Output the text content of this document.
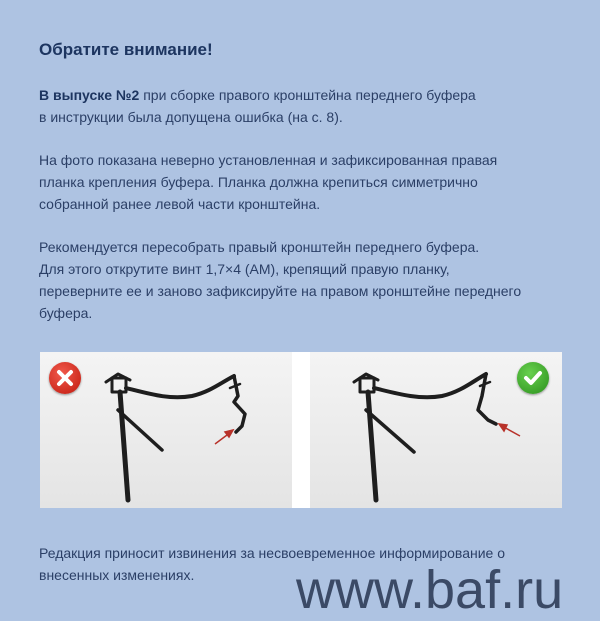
Обратите внимание!

В выпуске №2 при сборке правого кронштейна переднего буфера
в инструкции была допущена ошибка (на с. 8).

На фото показана неверно установленная и зафиксированная правая
планка крепления буфера. Планка должна крепиться симметрично
собранной ранее левой части кронштейна.

Рекомендуется пересобрать правый кронштейн переднего буфера.
Для этого открутите винт 1,7×4 (АМ), крепящий правую планку,
переверните ее и заново зафиксируйте на правом кронштейне переднего
буфера.

Редакция приносит извинения за несвоевременное информирование о
внесенных изменениях.	www.baf.ru
